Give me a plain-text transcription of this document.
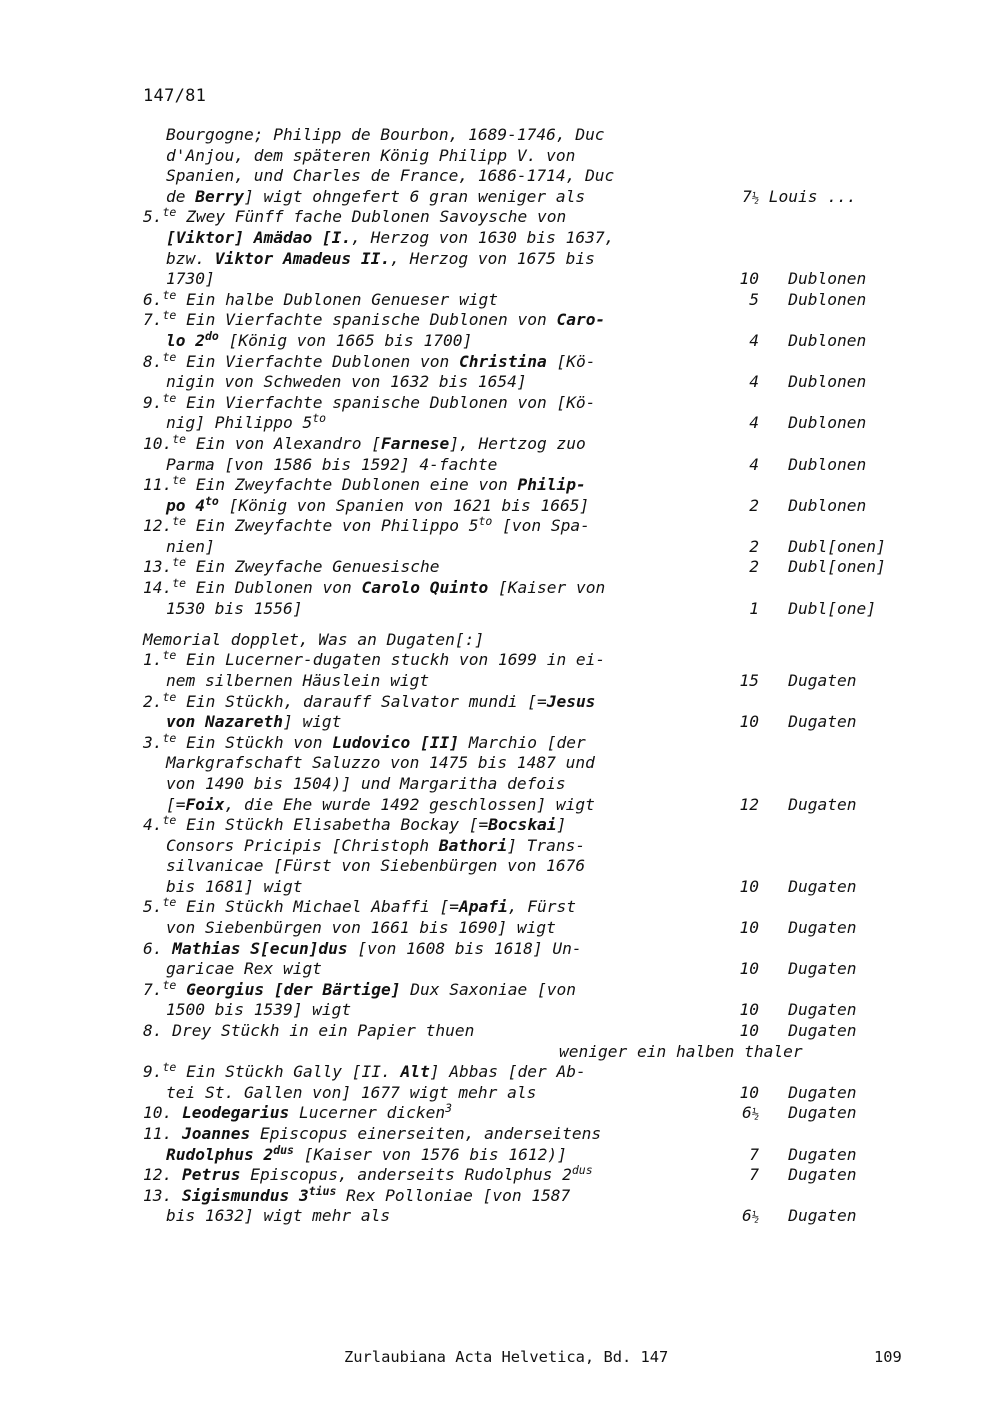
147/81
Bourgogne; Philipp de Bourbon, 1689-1746, Duc
d'Anjou, dem späteren König Philipp V. von
Spanien, und Charles de France, 1686-1714, Duc
de Berry] wigt ohngefert 6 gran weniger als
	7½ Louis ...

5.$^{te}$ Zwey Fünff fache Dublonen Savoysche von
[Viktor] Amädao [I., Herzog von 1630 bis 1637,
bzw. Viktor Amadeus II., Herzog von 1675 bis
1730]
	10 Dublonen

6.$^{te}$ Ein halbe Dublonen Genueser wigt
	5 Dublonen

7.$^{te}$ Ein Vierfachte spanische Dublonen von Caro-
lo $2^{do}$ [König von 1665 bis 1700]
	4 Dublonen

8.$^{te}$ Ein Vierfachte Dublonen von Christina [Kö-
nigin von Schweden von 1632 bis 1654]
	4 Dublonen

9.$^{te}$ Ein Vierfachte spanische Dublonen von [Kö-
nig] Philippo $5^{to}$
	4 Dublonen

10.$^{te}$ Ein von Alexandro [Farnese], Hertzog zuo
Parma [von 1586 bis 1592] 4-fachte
	4 Dublonen

11.$^{te}$ Ein Zweyfachte Dublonen eine von Philip-
po $4^{to}$ [König von Spanien von 1621 bis 1665]
	2 Dublonen

12.$^{te}$ Ein Zweyfachte von Philippo $5^{to}$ [von Spa-
nien]
	2 Dubl[onen]

13.$^{te}$ Ein Zweyfache Genuesische
	2 Dubl[onen]

14.$^{te}$ Ein Dublonen von Carolo Quinto [Kaiser von
1530 bis 1556]
	1 Dubl[one]

Memorial dopplet, Was an Dugaten[:]
1.$^{te}$ Ein Lucerner-dugaten stuckh von 1699 in ei-
nem silbernen Häuslein wigt
	15 Dugaten

2.$^{te}$ Ein Stückh, darauff Salvator mundi [=Jesus
von Nazareth] wigt
	10 Dugaten

3.$^{te}$ Ein Stückh von Ludovico [II] Marchio [der
Markgrafschaft Saluzzo von 1475 bis 1487 und
von 1490 bis 1504)] und Margaritha defois
[=Foix, die Ehe wurde 1492 geschlossen] wigt
	12 Dugaten

4.$^{te}$ Ein Stückh Elisabetha Bockay [=Bocskai]
Consors Pricipis [Christoph Bathori] Trans-
silvanicae [Fürst von Siebenbürgen von 1676
bis 1681] wigt
	10 Dugaten

5.$^{te}$ Ein Stückh Michael Abaffi [=Apafi, Fürst
von Siebenbürgen von 1661 bis 1690] wigt
	10 Dugaten

6. Mathias S[ecun]dus [von 1608 bis 1618] Un-
garicae Rex wigt
	10 Dugaten

7.$^{te}$ Georgius [der Bärtige] Dux Saxoniae [von
1500 bis 1539] wigt
	10 Dugaten

8. Drey Stückh in ein Papier thuen
	10 Dugaten

weniger ein halben thaler

9.$^{te}$ Ein Stückh Gally [II. Alt] Abbas [der Ab-
tei St. Gallen von] 1677 wigt mehr als
	10 Dugaten

10. Leodegarius Lucerner dicken$^3$
	6½ Dugaten

11. Joannes Episcopus einerseiten, anderseitens
Rudolphus $2^{dus}$ [Kaiser von 1576 bis 1612)]
	7 Dugaten

12. Petrus Episcopus, anderseits Rudolphus $2^{dus}$
	7 Dugaten

13. Sigismundus $3^{tius}$ Rex Polloniae [von 1587
bis 1632] wigt mehr als
	6½ Dugaten

Zurlaubiana Acta Helvetica, Bd. 147	109
